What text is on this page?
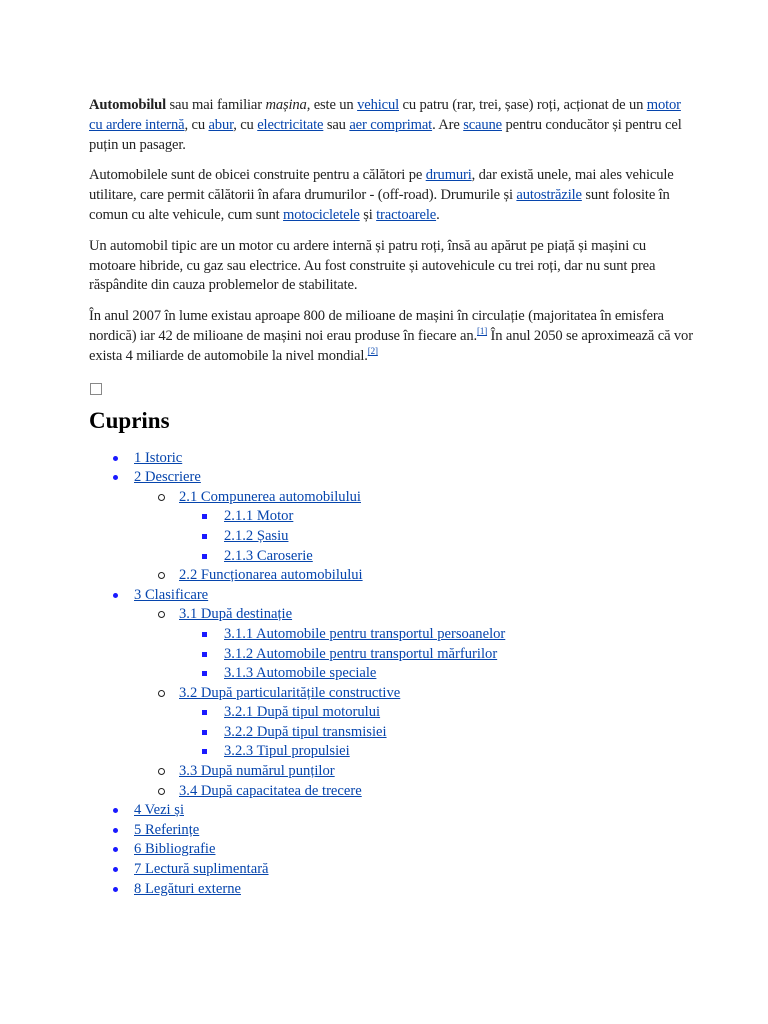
Automobilul sau mai familiar mașina, este un vehicul cu patru (rar, trei, șase) roți, acționat de un motor cu ardere internă, cu abur, cu electricitate sau aer comprimat. Are scaune pentru conducător și pentru cel puțin un pasager.

Automobilele sunt de obicei construite pentru a călători pe drumuri, dar există unele, mai ales vehicule utilitare, care permit călătorii în afara drumurilor - (off-road). Drumurile și autostrăzile sunt folosite în comun cu alte vehicule, cum sunt motocicletele și tractoarele.

Un automobil tipic are un motor cu ardere internă și patru roți, însă au apărut pe piață și mașini cu motoare hibride, cu gaz sau electrice. Au fost construite și autovehicule cu trei roți, dar nu sunt prea răspândite din cauza problemelor de stabilitate.

În anul 2007 în lume existau aproape 800 de milioane de mașini în circulație (majoritatea în emisfera nordică) iar 42 de milioane de mașini noi erau produse în fiecare an.[1] În anul 2050 se aproximează că vor exista 4 miliarde de automobile la nivel mondial.[2]

Cuprins
1 Istoric
2 Descriere
2.1 Compunerea automobilului
2.1.1 Motor
2.1.2 Șasiu
2.1.3 Caroserie
2.2 Funcționarea automobilului
3 Clasificare
3.1 După destinație
3.1.1 Automobile pentru transportul persoanelor
3.1.2 Automobile pentru transportul mărfurilor
3.1.3 Automobile speciale
3.2 După particularitățile constructive
3.2.1 După tipul motorului
3.2.2 După tipul transmisiei
3.2.3 Tipul propulsiei
3.3 După numărul punților
3.4 După capacitatea de trecere
4 Vezi și
5 Referințe
6 Bibliografie
7 Lectură suplimentară
8 Legături externe
